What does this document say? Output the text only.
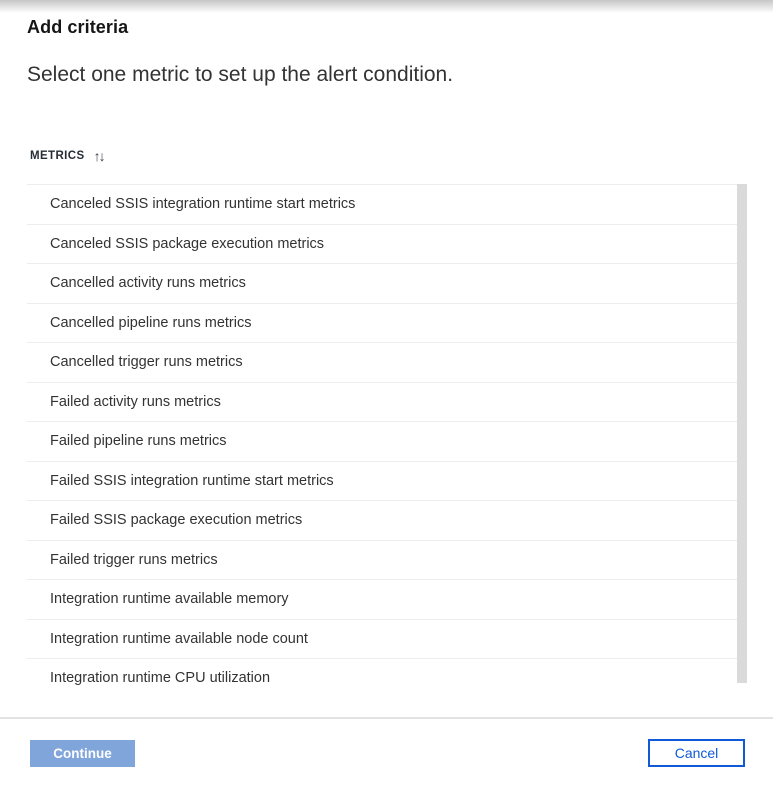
Add criteria
Select one metric to set up the alert condition.
METRICS ↑↓
Canceled SSIS integration runtime start metrics
Canceled SSIS package execution metrics
Cancelled activity runs metrics
Cancelled pipeline runs metrics
Cancelled trigger runs metrics
Failed activity runs metrics
Failed pipeline runs metrics
Failed SSIS integration runtime start metrics
Failed SSIS package execution metrics
Failed trigger runs metrics
Integration runtime available memory
Integration runtime available node count
Integration runtime CPU utilization
Continue	Cancel
